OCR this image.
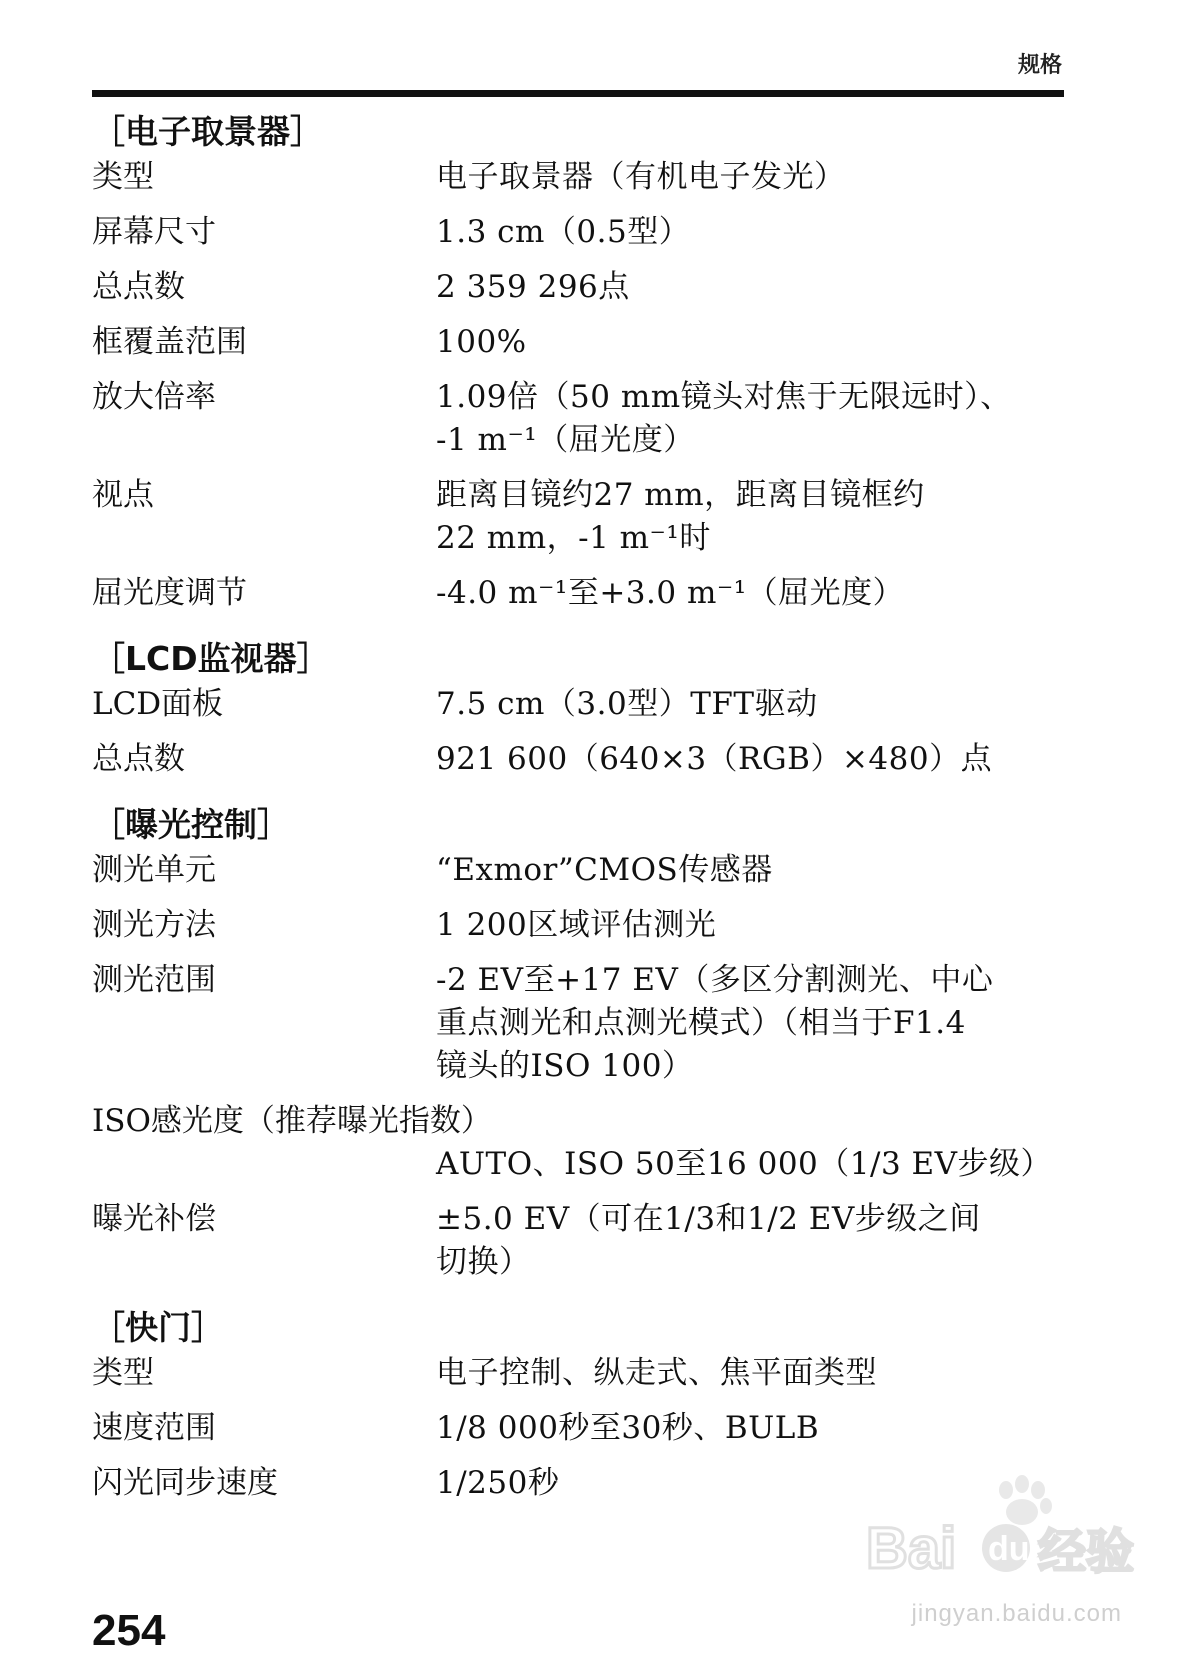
规格
［电子取景器］
类型	电子取景器（有机电子发光）
屏幕尺寸	1.3 cm（0.5型）
总点数	2 359 296点
框覆盖范围	100%
放大倍率	1.09倍（50 mm镜头对焦于无限远时）、
-1 m⁻¹（屈光度）
视点	距离目镜约27 mm，距离目镜框约
22 mm，-1 m⁻¹时
屈光度调节	-4.0 m⁻¹至+3.0 m⁻¹（屈光度）
［LCD监视器］
LCD面板	7.5 cm（3.0型）TFT驱动
总点数	921 600（640×3（RGB）×480）点
［曝光控制］
测光单元	“Exmor”CMOS传感器
测光方法	1 200区域评估测光
测光范围	-2 EV至+17 EV（多区分割测光、中心
重点测光和点测光模式）（相当于F1.4
镜头的ISO 100）
ISO感光度（推荐曝光指数）
AUTO、ISO 50至16 000（1/3 EV步级）
曝光补偿	±5.0 EV（可在1/3和1/2 EV步级之间
切换）
［快门］
类型	电子控制、纵走式、焦平面类型
速度范围	1/8 000秒至30秒、BULB
闪光同步速度	1/250秒
254
Bai du 经验
jingyan.baidu.com
